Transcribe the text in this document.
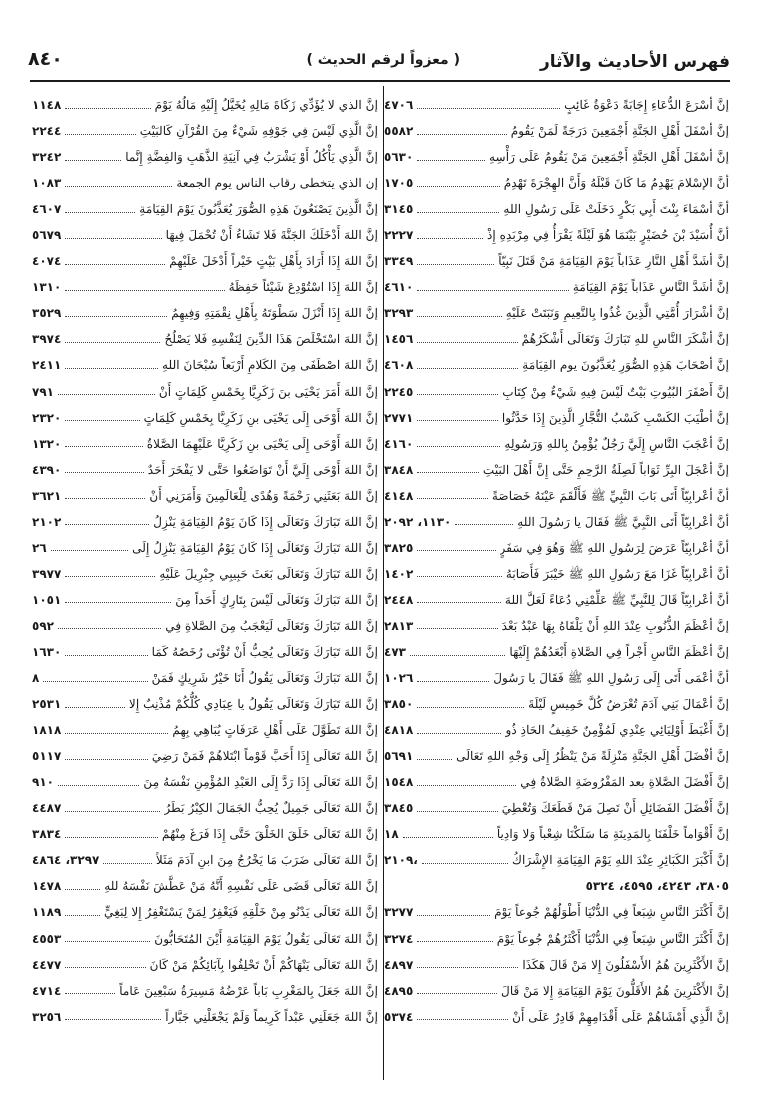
فهرس الأحاديث والآثار
( معزواً لرقم الحديث )
٨٤٠
إنَّ أسْرَعَ الدُّعَاءِ إِجَابَةً دَعْوَةُ غَائِبٍ
٤٧٠٦
إنَّ أسْفَلَ أَهْلِ الجَنَّةِ أَجْمَعِينَ دَرَجَةً لَمَنْ يَقُومُ
٥٥٨٢
إنَّ أسْفَلَ أَهْلِ الجَنَّةِ أَجْمَعِينَ مَنْ يَقُومُ عَلَى رَأْسِهِ
٥٦٣٠
أنَّ الإسْلامَ يَهْدِمُ مَا كَانَ قَبْلَهُ وَأَنَّ الهِجْرَةَ تَهْدِمُ
١٧٠٥
أنَّ أسْمَاءَ بِنْتَ أَبِي بَكْرٍ دَخَلَتْ عَلَى رَسُولِ اللهِ
٣١٤٥
أنَّ أُسَيْدَ بْنَ حُضَيْرٍ بَيْنَمَا هُوَ لَيْلَةً يَقْرَأُ فِي مِرْبَدِهِ إِذْ
٢٢٢٧
إنَّ أشَدَّ أَهْلِ النَّارِ عَذَاباً يَوْمَ القِيَامَةِ مَنْ قَتَلَ نَبِيّاً
٣٣٤٩
إنَّ أشَدَّ النَّاسِ عَذَاباً يَوْمَ القِيَامَةِ
٤٦١٠
إنَّ أشْرَارَ أُمَّتِي الَّذِينَ غُذُوا بِالنَّعِيمِ وَنَبَتَتْ عَلَيْهِ
٣٢٩٣
إنَّ أشْكَرَ النَّاسِ للهِ تَبَارَكَ وَتَعَالَى أَشْكَرُهُمْ
١٤٥٦
إنَّ أصْحَابَ هَذِهِ الصُّوَرِ يُعَذَّبُونَ يوم القِيَامَةِ
٤٦٠٨
إنَّ أَصْفَرَ البُيُوتِ بَيْتٌ لَيْسَ فِيهِ شَيْءٌ مِنْ كِتَابِ
٢٢٤٥
إنَّ أطْيَبَ الكَسْبِ كَسْبُ التُّجَّارِ الَّذِينَ إِذَا حَدَّثُوا
٢٧٧١
إنَّ أعْجَبَ النَّاسِ إِلَيَّ رَجُلٌ يُؤْمِنُ بِاللهِ وَرَسُولِهِ
٤١٦٠
إنَّ أعْجَلَ البِرِّ ثَوَاباً لَصِلَةُ الرَّحِمِ حَتَّى إِنَّ أَهْلَ البَيْتِ
٣٨٤٨
أنَّ أعْرابِيّاً أَتَى بَابَ النَّبِيِّ ﷺ فَأَلْقَمَ عَيْنَهُ خَصَاصَةً
٤١٤٨
أنَّ أعْرابِيّاً أَتَى النَّبِيَّ ﷺ فَقَالَ يا رَسُولَ اللهِ
١١٣٠، ٢٠٩٢
أنَّ أعْرابِيّاً عَرَضَ لِرَسُولِ اللهِ ﷺ وَهُوَ فِي سَفَرٍ
٣٨٢٥
أنَّ أعْرابِيّاً غَزَا مَعَ رَسُولِ اللهِ ﷺ خَيْبَرَ فَأَصَابَهُ
١٤٠٢
أنَّ أعْرابِيّاً قَالَ لِلنَّبِيِّ ﷺ عَلِّمْنِي دُعَاءً لَعَلَّ اللهَ
٢٤٤٨
إنَّ أعْظَمَ الذُّنُوبِ عِنْدَ اللهِ أَنْ يَلْقَاهُ بِهَا عَبْدٌ بَعْدَ
٢٨١٣
إنَّ أعْظَمَ النَّاسِ أَجْراً فِي الصَّلاةِ أَبْعَدُهُمْ إِلَيْهَا
٤٧٣
أنَّ أعْمَى أَتَى إِلَى رَسُولِ اللهِ ﷺ فَقَالَ يا رَسُولَ
١٠٢٦
إنَّ أعْمَالَ بَنِي آدَمَ تُعْرَضُ كُلَّ خَمِيسٍ لَيْلَةَ
٣٨٥٠
إنَّ أَغْبَطَ أَوْلِيَائِي عِنْدِي لَمُؤْمِنٌ خَفِيفُ الحَاذِ ذُو
٤٨١٨
إنَّ أفْضَلَ أَهْلِ الجَنَّةِ مَنْزِلَةً مَنْ يَنْظُرُ إِلَى وَجْهِ اللهِ تَعَالَى
٥٦٩١
إنَّ أَفْضَلَ الصَّلاةِ بعد المَفْرُوضَةِ الصَّلاةُ فِي
١٥٤٨
إنَّ أَفْضَلَ الفَضَائِلِ أَنْ تَصِلَ مَنْ قَطَعَكَ وَتُعْطِيَ
٣٨٤٥
إنَّ أَقْوَاماً خَلْفَنَا بِالمَدِينَةِ مَا سَلَكْنَا شِعْباً وَلا وَادِياً
١٨
إنَّ أَكْبَرَ الكَبَائِرِ عِنْدَ اللهِ يَوْمَ القِيَامَةِ الإِشْرَاكُ
٢١٠٩،
٣٨٠٥، ٤٢٤٣، ٤٥٩٥، ٥٣٢٤
إنَّ أَكْثَرَ النَّاسِ شِبَعاً فِي الدُّنْيَا أَطْوَلُهُمْ جُوعاً يَوْمَ
٣٢٧٧
إنَّ أَكْثَرَ النَّاسِ شِبَعاً فِي الدُّنْيَا أَكْثَرُهُمْ جُوعاً يَوْمَ
٣٢٧٤
إنَّ الأَكْثَرِينَ هُمُ الأَسْفَلُونَ إِلا مَنْ قَالَ هَكَذَا
٤٨٩٧
إنَّ الأَكْثَرِينَ هُمُ الأَقَلُّونَ يَوْمَ القِيَامَةِ إِلا مَنْ قَالَ
٤٨٩٥
إنَّ الَّذِي أَمْشَاهُمْ عَلَى أَقْدَامِهِمْ قَادِرٌ عَلَى أَنْ
٥٣٧٤
إنَّ الذي لا يُؤَدِّي زَكَاةَ مَالِهِ يُخَيَّلُ إِلَيْهِ مَالُهُ يَوْمَ
١١٤٨
إنَّ الَّذِي لَيْسَ فِي جَوْفِهِ شَيْءٌ مِنَ القُرْآنِ كَالبَيْتِ
٢٢٤٤
إنَّ الَّذِي يَأْكُلُ أَوْ يَشْرَبُ فِي آنِيَةِ الذَّهَبِ وَالفِضَّةِ إِنَّما
٣٢٤٢
إن الذي يتخطى رقاب الناس يوم الجمعة
١٠٨٣
إنَّ الَّذِينَ يَصْنَعُونَ هَذِهِ الصُّوَرَ يُعَذَّبُونَ يَوْمَ القِيَامَةِ
٤٦٠٧
إنَّ اللهَ أَدْخَلَكَ الجَنَّةَ فَلا تَشَاءُ أَنْ تُحْمَلَ فِيهَا
٥٦٧٩
إنَّ اللهَ إِذَا أَرَادَ بِأَهْلِ بَيْتٍ خَيْراً أَدْخَلَ عَلَيْهِمْ
٤٠٧٤
إنَّ اللهَ إِذَا اسْتُوْدِعَ شَيْئاً حَفِظَهُ
١٣١٠
إنَّ اللهَ إِذَا أَنْزَلَ سَطْوَتَهُ بِأَهْلِ نِقْمَتِهِ وَفِيهِمُ
٣٥٢٩
إنَّ اللهَ اسْتَخْلَصَ هَذَا الدِّينَ لِنَفْسِهِ فَلا يَصْلُحُ
٣٩٧٤
إنَّ اللهَ اصْطَفَى مِنَ الكَلامِ أَرْبَعاً سُبْحَانَ اللهِ
٢٤١١
إنَّ اللهَ أَمَرَ يَحْيَى بنَ زَكَرِيَّا بِخَمْسِ كَلِمَاتٍ أَنْ
٧٩١
إنَّ اللهَ أَوْحَى إِلَى يَحْيَى بنِ زَكَرِيَّا بِخَمْسِ كَلِمَاتٍ
٢٣٢٠
إنَّ اللهَ أَوْحَى إِلَى يَحْيَى بنِ زَكَرِيَّا عَلَيْهِمَا الصَّلاةُ
١٣٢٠
إنَّ اللهَ أَوْحَى إِلَيَّ أَنْ تَوَاضَعُوا حَتَّى لا يَفْخَرَ أَحَدٌ
٤٣٩٠
إنَّ اللهَ بَعَثَنِي رَحْمَةً وَهُدًى لِلْعَالَمِينَ وَأَمَرَنِي أَنْ
٣٦٢١
إنَّ اللهَ تَبَارَكَ وَتَعَالَى إِذَا كَانَ يَوْمُ القِيَامَةِ يَنْزِلُ
٢١٠٢
إنَّ اللهَ تَبَارَكَ وَتَعَالَى إِذَا كَانَ يَوْمُ القِيَامَةِ يَنْزِلُ إِلَى
٢٦
إنَّ اللهَ تَبَارَكَ وَتَعَالَى بَعَثَ حَبِيبِي جِبْرِيلَ عَلَيْهِ
٣٩٧٧
إنَّ اللهَ تَبَارَكَ وَتَعَالَى لَيْسَ بِتَارِكٍ أَحَداً مِنَ
١٠٥١
إنَّ اللهَ تَبَارَكَ وَتَعَالَى لَيَعْجَبُ مِنَ الصَّلاةِ فِي
٥٩٢
إنَّ اللهَ تَبَارَكَ وَتَعَالَى يُحِبُّ أَنْ تُؤْتَى رُخَصُهُ كَمَا
١٦٣٠
إنَّ اللهَ تَبَارَكَ وَتَعَالَى يَقُولُ أَنَا خَيْرُ شَرِيكٍ فَمَنْ
٨
إنَّ اللهَ تَبَارَكَ وَتَعَالَى يَقُولُ يا عِبَادِي كُلُّكُمْ مُذْنِبٌ إِلا
٢٥٣١
إنَّ اللهَ تَطَوَّلَ عَلَى أَهْلِ عَرَفَاتٍ يُبَاهِي بِهِمُ
١٨١٨
إنَّ اللهَ تَعَالَى إِذَا أَحَبَّ قَوْماً ابْتَلاهُمْ فَمَنْ رَضِيَ
٥١١٧
إنَّ اللهَ تَعَالَى إِذَا رَدَّ إِلَى العَبْدِ المُؤْمِنِ نَفْسَهُ مِنَ
٩١٠
إنَّ اللهَ تَعَالَى جَمِيلٌ يُحِبُّ الجَمَالَ الكِبْرُ بَطَرُ
٤٤٨٧
إنَّ اللهَ تَعَالَى خَلَقَ الخَلْقَ حَتَّى إِذَا فَرَغَ مِنْهُمْ
٣٨٣٤
إنَّ اللهَ تَعَالَى ضَرَبَ مَا يَخْرُجُ مِنَ ابنِ آدَمَ مَثَلاً
٣٢٩٧، ٤٨٦٤
إنَّ اللهَ تَعَالَى قَضَى عَلَى نَفْسِهِ أَنَّهُ مَنْ عَطَّشَ نَفْسَهُ للهِ
١٤٧٨
إنَّ اللهَ تَعَالَى يَدْنُو مِنْ خَلْقِهِ فَيَغْفِرُ لِمَنْ يَسْتَغْفِرُ إِلا لِبَغِيٍّ
١١٨٩
إنَّ اللهَ تَعَالَى يَقُولُ يَوْمَ القِيَامَةِ أَيْنَ المُتَحَابُّونَ
٤٥٥٣
إنَّ اللهَ تَعَالَى يَنْهَاكُمْ أَنْ تَحْلِفُوا بِآبَائِكُمْ مَنْ كَانَ
٤٤٧٧
إنَّ اللهَ جَعَلَ بِالمَغْرِبِ بَاباً عَرْضُهُ مَسِيرَةُ سَبْعِينَ عَاماً
٤٧١٤
إنَّ اللهَ جَعَلَنِي عَبْداً كَرِيماً وَلَمْ يَجْعَلْنِي جَبَّاراً
٣٢٥٦
